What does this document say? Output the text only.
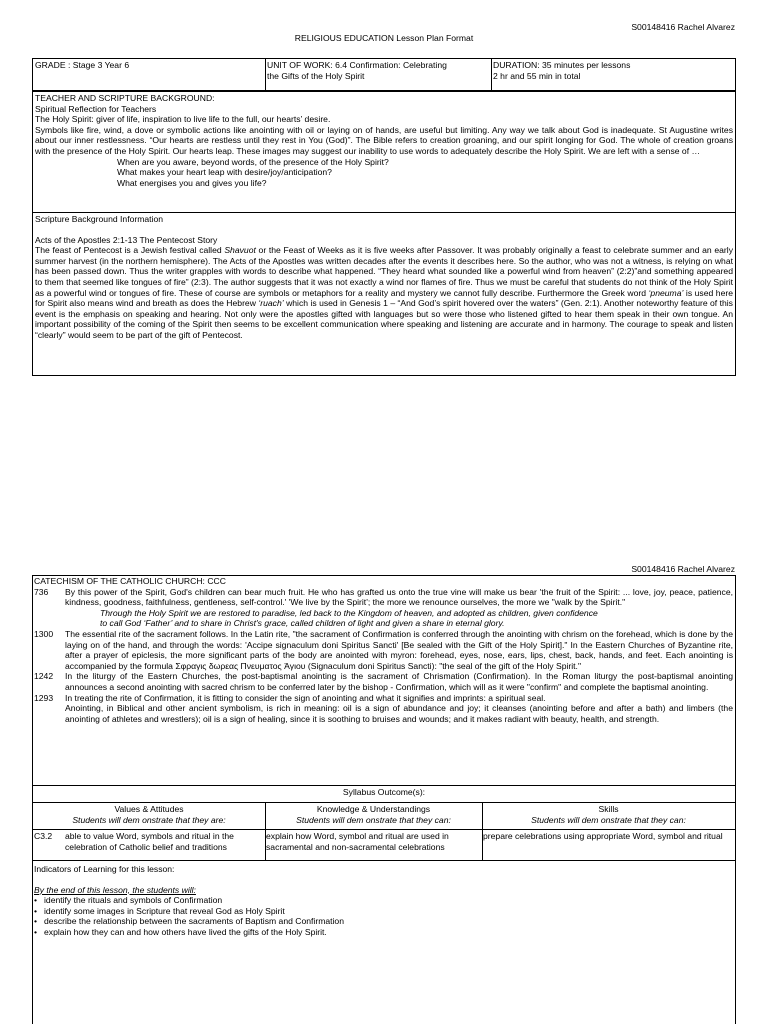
S00148416 Rachel Alvarez
RELIGIOUS EDUCATION Lesson Plan Format
GRADE : Stage 3 Year 6	UNIT OF WORK: 6.4 Confirmation: Celebrating
the Gifts of the Holy Spirit
DURATION: 35 minutes per lessons
2 hr and 55 min in total
TEACHER AND SCRIPTURE BACKGROUND:
Spiritual Reflection for Teachers
The Holy Spirit: giver of life, inspiration to live life to the full, our hearts’ desire.
Symbols like fire, wind, a dove or symbolic actions like anointing with oil or laying on of hands, are useful but limiting. Any way we talk about God is inadequate. St Augustine writes about our inner restlessness. “Our hearts are restless until they rest in You (God)”. The Bible refers to creation groaning, and our spirit longing for God. The whole of creation groans with the presence of the Holy Spirit. Our hearts leap. These images may suggest our inability to use words to adequately describe the Holy Spirit. We are left with a sense of …
When are you aware, beyond words, of the presence of the Holy Spirit?
What makes your heart leap with desire/joy/anticipation?
What energises you and gives you life?
Scripture Background Information
Acts of the Apostles 2:1-13 The Pentecost Story
The feast of Pentecost is a Jewish festival called Shavuot or the Feast of Weeks as it is five weeks after Passover. It was probably originally a feast to celebrate summer and an early summer harvest (in the northern hemisphere). The Acts of the Apostles was written decades after the events it describes here. So the author, who was not a witness, is relying on what has been passed down. Thus the writer grapples with words to describe what happened. “They heard what sounded like a powerful wind from heaven” (2:2)”and something appeared to them that seemed like tongues of fire” (2:3). The author suggests that it was not exactly a wind nor flames of fire. Thus we must be careful that students do not think of the Holy Spirit as a powerful wind or tongues of fire. These of course are symbols or metaphors for a reality and mystery we cannot fully describe. Furthermore the Greek word ‘pneuma’ is used here for Spirit also means wind and breath as does the Hebrew ‘ruach’ which is used in Genesis 1 – “And God’s spirit hovered over the waters” (Gen. 2:1). Another noteworthy feature of this event is the emphasis on speaking and hearing. Not only were the apostles gifted with languages but so were those who listened gifted to hear them speak in their own tongue. An important possibility of the coming of the Spirit then seems to be excellent communication where speaking and listening are accurate and in harmony. The courage to speak and listen “clearly” would seem to be part of the gift of Pentecost.
S00148416 Rachel Alvarez
CATECHISM OF THE CATHOLIC CHURCH: CCC
736 By this power of the Spirit, God's children can bear much fruit. He who has grafted us onto the true vine will make us bear 'the fruit of the Spirit: ... love, joy, peace, patience, kindness, goodness, faithfulness, gentleness, self-control.' 'We live by the Spirit'; the more we renounce ourselves, the more we "walk by the Spirit."
Through the Holy Spirit we are restored to paradise, led back to the Kingdom of heaven, and adopted as children, given confidence
to call God ‘Father’ and to share in Christ's grace, called children of light and given a share in eternal glory.
1300 The essential rite of the sacrament follows. In the Latin rite, "the sacrament of Confirmation is conferred through the anointing with chrism on the forehead, which is done by the laying on of the hand, and through the words: 'Accipe signaculum doni Spiritus Sancti' [Be sealed with the Gift of the Holy Spirit]." In the Eastern Churches of Byzantine rite, after a prayer of epiclesis, the more significant parts of the body are anointed with myron: forehead, eyes, nose, ears, lips, chest, back, hands, and feet. Each anointing is accompanied by the formula Σφραγις δωρεας Πνευματος Ἁγιου (Signaculum doni Spiritus Sancti): "the seal of the gift of the Holy Spirit."
1242 In the liturgy of the Eastern Churches, the post-baptismal anointing is the sacrament of Chrismation (Confirmation). In the Roman liturgy the post-baptismal anointing announces a second anointing with sacred chrism to be conferred later by the bishop - Confirmation, which will as it were "confirm" and complete the baptismal anointing.
1293 In treating the rite of Confirmation, it is fitting to consider the sign of anointing and what it signifies and imprints: a spiritual seal.
Anointing, in Biblical and other ancient symbolism, is rich in meaning: oil is a sign of abundance and joy; it cleanses (anointing before and after a bath) and limbers (the anointing of athletes and wrestlers); oil is a sign of healing, since it is soothing to bruises and wounds; and it makes radiant with beauty, health, and strength.
Syllabus Outcome(s):
Values & Attitudes
Students will dem onstrate that they are:
Knowledge & Understandings
Students will dem onstrate that they can:
Skills
Students will dem onstrate that they can:
C3.2	able to value Word, symbols and ritual in the celebration of Catholic belief and traditions
explain how Word, symbol and ritual are used in sacramental and non-sacramental celebrations
prepare celebrations using appropriate Word, symbol and ritual
Indicators of Learning for this lesson:
By the end of this lesson, the students will:
• identify the rituals and symbols of Confirmation
• identify some images in Scripture that reveal God as Holy Spirit
• describe the relationship between the sacraments of Baptism and Confirmation
• explain how they can and how others have lived the gifts of the Holy Spirit.
